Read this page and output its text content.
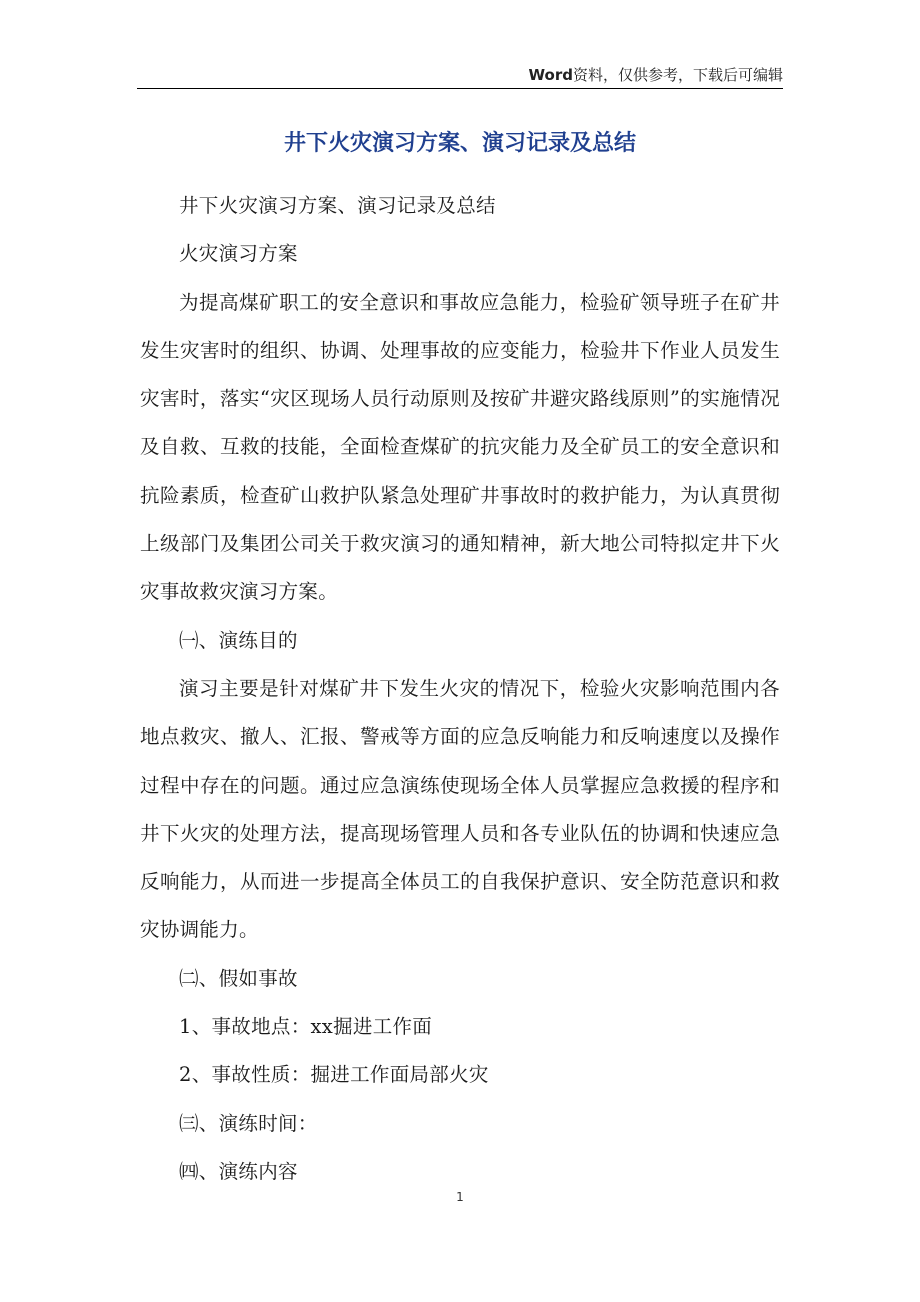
Word资料，仅供参考，下载后可编辑
井下火灾演习方案、演习记录及总结

井下火灾演习方案、演习记录及总结

火灾演习方案

为提高煤矿职工的安全意识和事故应急能力，检验矿领导班子在矿井发生灾害时的组织、协调、处理事故的应变能力，检验井下作业人员发生灾害时，落实“灾区现场人员行动原则及按矿井避灾路线原则”的实施情况及自救、互救的技能，全面检查煤矿的抗灾能力及全矿员工的安全意识和抗险素质，检查矿山救护队紧急处理矿井事故时的救护能力，为认真贯彻上级部门及集团公司关于救灾演习的通知精神，新大地公司特拟定井下火灾事故救灾演习方案。

㈠、演练目的

演习主要是针对煤矿井下发生火灾的情况下，检验火灾影响范围内各地点救灾、撤人、汇报、警戒等方面的应急反响能力和反响速度以及操作过程中存在的问题。通过应急演练使现场全体人员掌握应急救援的程序和井下火灾的处理方法，提高现场管理人员和各专业队伍的协调和快速应急反响能力，从而进一步提高全体员工的自我保护意识、安全防范意识和救灾协调能力。

㈡、假如事故

1、事故地点：xx掘进工作面

2、事故性质：掘进工作面局部火灾

㈢、演练时间：

㈣、演练内容

1
